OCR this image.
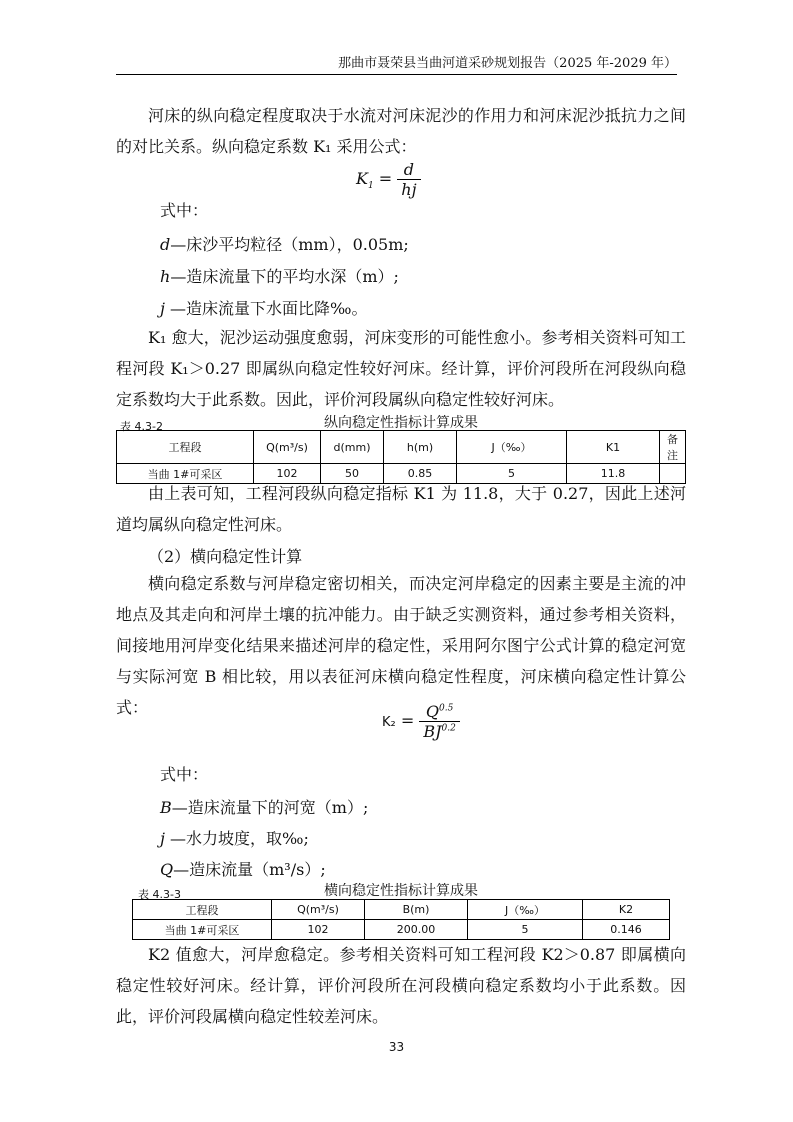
那曲市聂荣县当曲河道采砂规划报告（2025 年-2029 年）

河床的纵向稳定程度取决于水流对河床泥沙的作用力和河床泥沙抵抗力之间的对比关系。纵向稳定系数 K₁ 采用公式：

$K_1 = \frac{d}{hj}$
式中：
d—床沙平均粒径（mm），0.05m;
h—造床流量下的平均水深（m）;
j —造床流量下水面比降‰。

K₁ 愈大，泥沙运动强度愈弱，河床变形的可能性愈小。参考相关资料可知工程河段 K₁＞0.27 即属纵向稳定性较好河床。经计算，评价河段所在河段纵向稳定系数均大于此系数。因此，评价河段属纵向稳定性较好河床。

表 4.3-2	纵向稳定性指标计算成果
工程段	Q(m³/s)	d(mm)	h(m)	J（‰）	K1	备注
当曲 1#可采区	102	50	0.85	5	11.8	

由上表可知，工程河段纵向稳定指标 K1 为 11.8，大于 0.27，因此上述河道均属纵向稳定性河床。

（2）横向稳定性计算

横向稳定系数与河岸稳定密切相关，而决定河岸稳定的因素主要是主流的冲地点及其走向和河岸土壤的抗冲能力。由于缺乏实测资料，通过参考相关资料，间接地用河岸变化结果来描述河岸的稳定性，采用阿尔图宁公式计算的稳定河宽与实际河宽 B 相比较，用以表征河床横向稳定性程度，河床横向稳定性计算公式：

$K_2 = \frac{Q^{0.5}}{BJ^{0.2}}$
式中：
B—造床流量下的河宽（m）;
j —水力坡度，取‰;
Q—造床流量（m³/s）;
表 4.3-3	横向稳定性指标计算成果
工程段	Q(m³/s)	B(m)	J（‰）	K2
当曲 1#可采区	102	200.00	5	0.146

K2 值愈大，河岸愈稳定。参考相关资料可知工程河段 K2＞0.87 即属横向稳定性较好河床。经计算，评价河段所在河段横向稳定系数均小于此系数。因此，评价河段属横向稳定性较差河床。

33
